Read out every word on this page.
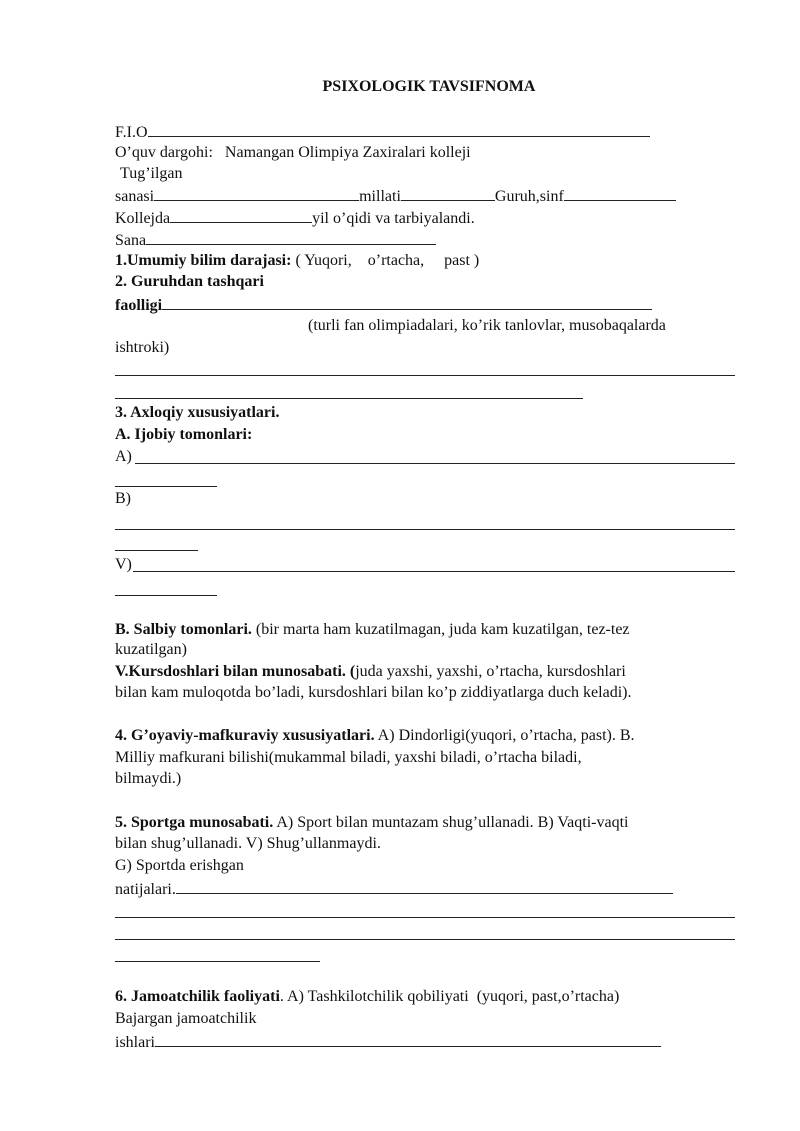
PSIXOLOGIK TAVSIFNOMA
F.I.O
O’quv dargohi: Namangan Olimpiya Zaxiralari kolleji
Tug’ilgan
sanasi	millati	Guruh,sinf
Kollejda	yil o’qidi va tarbiyalandi.
Sana
1.Umumiy bilim darajasi: ( Yuqori,    o’rtacha,     past )
2. Guruhdan tashqari
faolligi
(turli fan olimpiadalari, ko’rik tanlovlar, musobaqalarda
ishtroki)
3. Axloqiy xususiyatlari.
A. Ijobiy tomonlari:
A)
B)
V)
B. Salbiy tomonlari. (bir marta ham kuzatilmagan, juda kam kuzatilgan, tez-tez
kuzatilgan)
V.Kursdoshlari bilan munosabati. (juda yaxshi, yaxshi, o’rtacha, kursdoshlari
bilan kam muloqotda bo’ladi, kursdoshlari bilan ko’p ziddiyatlarga duch keladi).
4. G’oyaviy-mafkuraviy xususiyatlari. A) Dindorligi(yuqori, o’rtacha, past). B.
Milliy mafkurani bilishi(mukammal biladi, yaxshi biladi, o’rtacha biladi,
bilmaydi.)
5. Sportga munosabati. A) Sport bilan muntazam shug’ullanadi. B) Vaqti-vaqti
bilan shug’ullanadi. V) Shug’ullanmaydi.
G) Sportda erishgan
natijalari.
6. Jamoatchilik faoliyati. A) Tashkilotchilik qobiliyati  (yuqori, past,o’rtacha)
Bajargan jamoatchilik
ishlari
